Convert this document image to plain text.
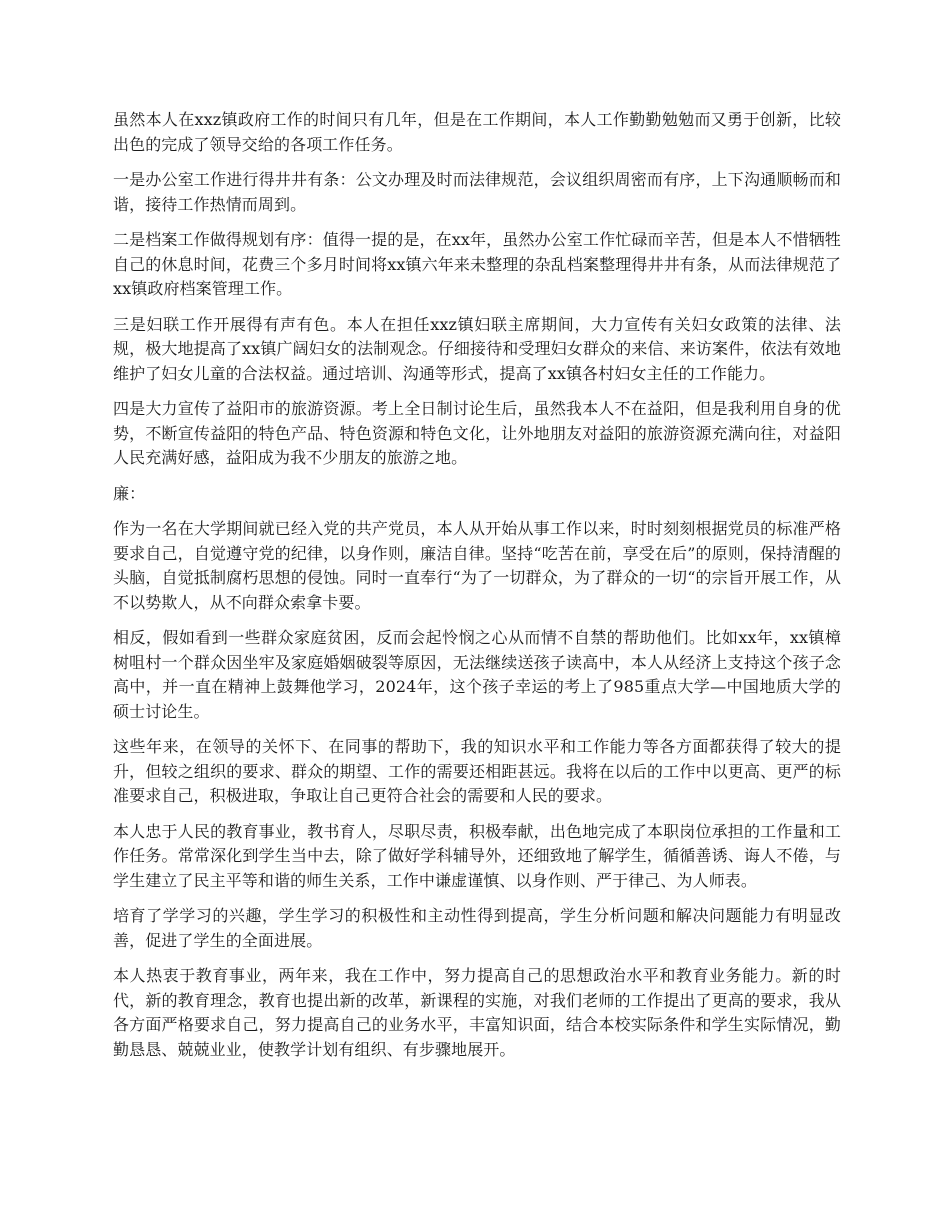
虽然本人在xxz镇政府工作的时间只有几年，但是在工作期间，本人工作勤勤勉勉而又勇于创新，比较出色的完成了领导交给的各项工作任务。

一是办公室工作进行得井井有条：公文办理及时而法律规范，会议组织周密而有序，上下沟通顺畅而和谐，接待工作热情而周到。

二是档案工作做得规划有序：值得一提的是，在xx年，虽然办公室工作忙碌而辛苦，但是本人不惜牺牲自己的休息时间，花费三个多月时间将xx镇六年来未整理的杂乱档案整理得井井有条，从而法律规范了xx镇政府档案管理工作。

三是妇联工作开展得有声有色。本人在担任xxz镇妇联主席期间，大力宣传有关妇女政策的法律、法规，极大地提高了xx镇广阔妇女的法制观念。仔细接待和受理妇女群众的来信、来访案件，依法有效地维护了妇女儿童的合法权益。通过培训、沟通等形式，提高了xx镇各村妇女主任的工作能力。

四是大力宣传了益阳市的旅游资源。考上全日制讨论生后，虽然我本人不在益阳，但是我利用自身的优势，不断宣传益阳的特色产品、特色资源和特色文化，让外地朋友对益阳的旅游资源充满向往，对益阳人民充满好感，益阳成为我不少朋友的旅游之地。

廉：

作为一名在大学期间就已经入党的共产党员，本人从开始从事工作以来，时时刻刻根据党员的标准严格要求自己，自觉遵守党的纪律，以身作则，廉洁自律。坚持“吃苦在前，享受在后”的原则，保持清醒的头脑，自觉抵制腐朽思想的侵蚀。同时一直奉行“为了一切群众，为了群众的一切“的宗旨开展工作，从不以势欺人，从不向群众索拿卡要。

相反，假如看到一些群众家庭贫困，反而会起怜悯之心从而情不自禁的帮助他们。比如xx年，xx镇樟树咀村一个群众因坐牢及家庭婚姻破裂等原因，无法继续送孩子读高中，本人从经济上支持这个孩子念高中，并一直在精神上鼓舞他学习，2024年，这个孩子幸运的考上了985重点大学—中国地质大学的硕士讨论生。

这些年来，在领导的关怀下、在同事的帮助下，我的知识水平和工作能力等各方面都获得了较大的提升，但较之组织的要求、群众的期望、工作的需要还相距甚远。我将在以后的工作中以更高、更严的标准要求自己，积极进取，争取让自己更符合社会的需要和人民的要求。

本人忠于人民的教育事业，教书育人，尽职尽责，积极奉献，出色地完成了本职岗位承担的工作量和工作任务。常常深化到学生当中去，除了做好学科辅导外，还细致地了解学生，循循善诱、诲人不倦，与学生建立了民主平等和谐的师生关系，工作中谦虚谨慎、以身作则、严于律己、为人师表。

培育了学学习的兴趣，学生学习的积极性和主动性得到提高，学生分析问题和解决问题能力有明显改善，促进了学生的全面进展。

本人热衷于教育事业，两年来，我在工作中，努力提高自己的思想政治水平和教育业务能力。新的时代，新的教育理念，教育也提出新的改革，新课程的实施，对我们老师的工作提出了更高的要求，我从各方面严格要求自己，努力提高自己的业务水平，丰富知识面，结合本校实际条件和学生实际情况，勤勤恳恳、兢兢业业，使教学计划有组织、有步骤地展开。
